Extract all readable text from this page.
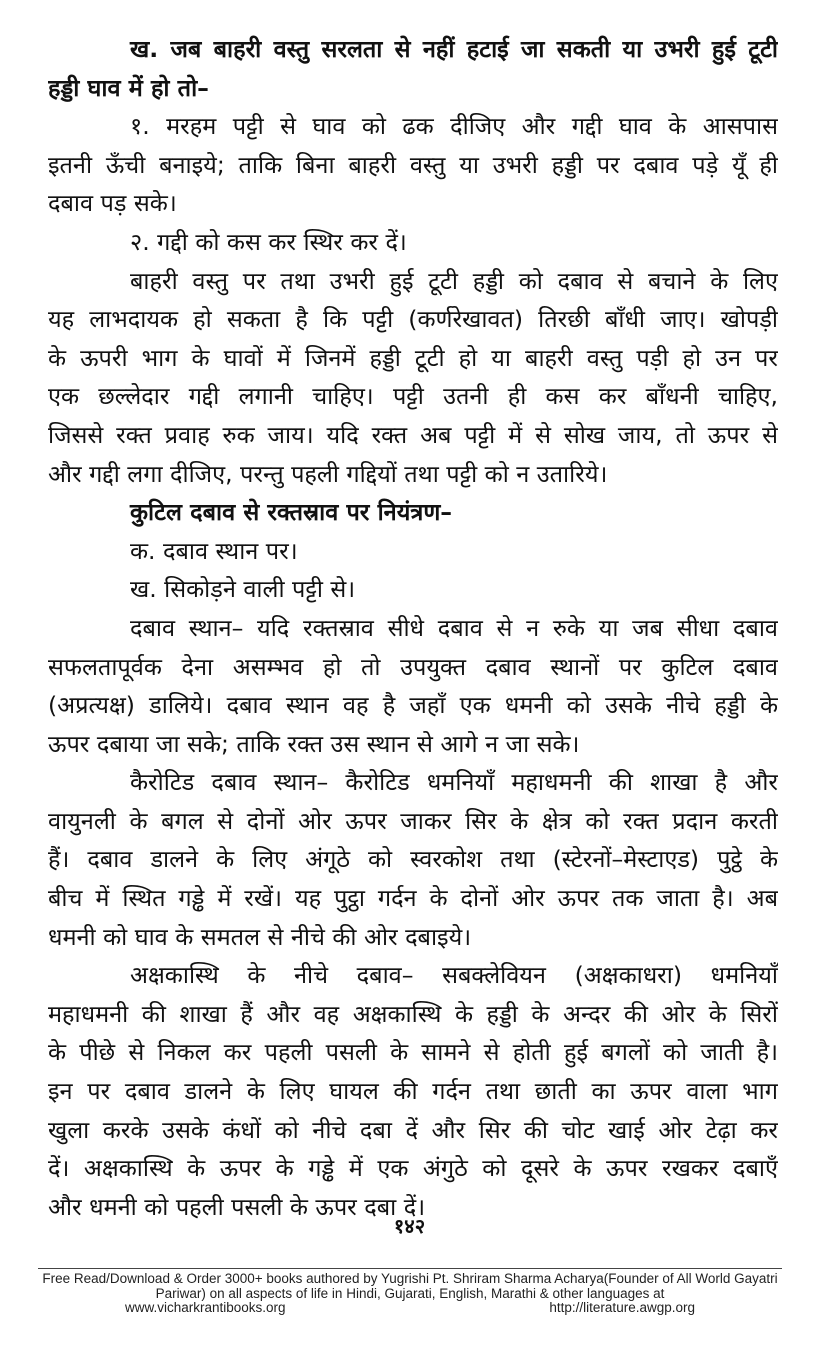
ख. जब बाहरी वस्तु सरलता से नहीं हटाई जा सकती या उभरी हुई टूटी
हड्डी घाव में हो तो–
१. मरहम पट्टी से घाव को ढक दीजिए और गद्दी घाव के आसपास
इतनी ऊँची बनाइये; ताकि बिना बाहरी वस्तु या उभरी हड्डी पर दबाव पड़े यूँ ही
दबाव पड़ सके।
२. गद्दी को कस कर स्थिर कर दें।
बाहरी वस्तु पर तथा उभरी हुई टूटी हड्डी को दबाव से बचाने के लिए
यह लाभदायक हो सकता है कि पट्टी (कर्णरेखावत) तिरछी बाँधी जाए। खोपड़ी
के ऊपरी भाग के घावों में जिनमें हड्डी टूटी हो या बाहरी वस्तु पड़ी हो उन पर
एक छल्लेदार गद्दी लगानी चाहिए। पट्टी उतनी ही कस कर बाँधनी चाहिए,
जिससे रक्त प्रवाह रुक जाय। यदि रक्त अब पट्टी में से सोख जाय, तो ऊपर से
और गद्दी लगा दीजिए, परन्तु पहली गद्दियों तथा पट्टी को न उतारिये।
कुटिल दबाव से रक्तस्राव पर नियंत्रण–
क. दबाव स्थान पर।
ख. सिकोड़ने वाली पट्टी से।
दबाव स्थान– यदि रक्तस्राव सीधे दबाव से न रुके या जब सीधा दबाव
सफलतापूर्वक देना असम्भव हो तो उपयुक्त दबाव स्थानों पर कुटिल दबाव
(अप्रत्यक्ष) डालिये। दबाव स्थान वह है जहाँ एक धमनी को उसके नीचे हड्डी के
ऊपर दबाया जा सके; ताकि रक्त उस स्थान से आगे न जा सके।
कैरोटिड दबाव स्थान– कैरोटिड धमनियाँ महाधमनी की शाखा है और
वायुनली के बगल से दोनों ओर ऊपर जाकर सिर के क्षेत्र को रक्त प्रदान करती
हैं। दबाव डालने के लिए अंगूठे को स्वरकोश तथा (स्टेरनों–मेस्टाएड) पुट्ठे के
बीच में स्थित गड्ढे में रखें। यह पुट्ठा गर्दन के दोनों ओर ऊपर तक जाता है। अब
धमनी को घाव के समतल से नीचे की ओर दबाइये।
अक्षकास्थि के नीचे दबाव– सबक्लेवियन (अक्षकाधरा) धमनियाँ
महाधमनी की शाखा हैं और वह अक्षकास्थि के हड्डी के अन्दर की ओर के सिरों
के पीछे से निकल कर पहली पसली के सामने से होती हुई बगलों को जाती है।
इन पर दबाव डालने के लिए घायल की गर्दन तथा छाती का ऊपर वाला भाग
खुला करके उसके कंधों को नीचे दबा दें और सिर की चोट खाई ओर टेढ़ा कर
दें। अक्षकास्थि के ऊपर के गड्ढे में एक अंगुठे को दूसरे के ऊपर रखकर दबाएँ
और धमनी को पहली पसली के ऊपर दबा दें।
१४२
Free Read/Download & Order 3000+ books authored by Yugrishi Pt. Shriram Sharma Acharya(Founder of All World Gayatri Pariwar) on all aspects of life in Hindi, Gujarati, English, Marathi & other languages at
www.vicharkrantibooks.org	http://literature.awgp.org
